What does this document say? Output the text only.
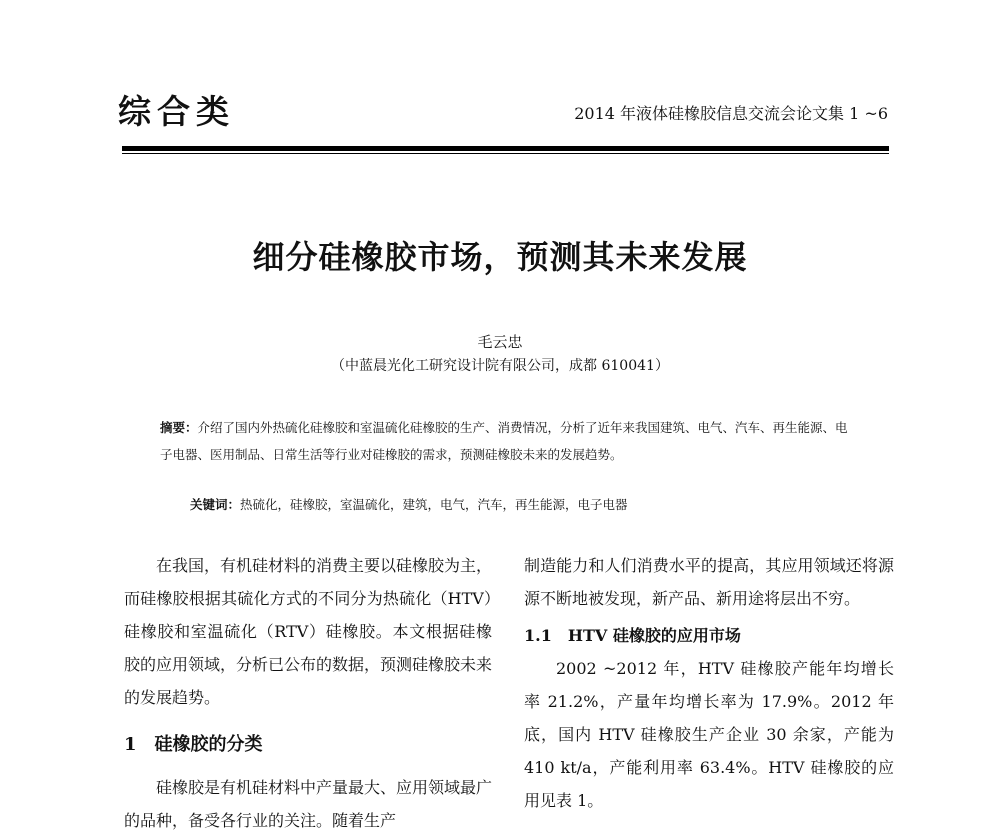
综合类	2014 年液体硅橡胶信息交流会论文集 1 ~6
细分硅橡胶市场，预测其未来发展
毛云忠
（中蓝晨光化工研究设计院有限公司，成都 610041）
摘要：介绍了国内外热硫化硅橡胶和室温硫化硅橡胶的生产、消费情况，分析了近年来我国建筑、电气、汽车、再生能源、电子电器、医用制品、日常生活等行业对硅橡胶的需求，预测硅橡胶未来的发展趋势。
关键词：热硫化，硅橡胶，室温硫化，建筑，电气，汽车，再生能源，电子电器

在我国，有机硅材料的消费主要以硅橡胶为主，而硅橡胶根据其硫化方式的不同分为热硫化（HTV）硅橡胶和室温硫化（RTV）硅橡胶。本文根据硅橡胶的应用领域，分析已公布的数据，预测硅橡胶未来的发展趋势。

1　硅橡胶的分类

硅橡胶是有机硅材料中产量最大、应用领域最广的品种，备受各行业的关注。随着生产

制造能力和人们消费水平的提高，其应用领域还将源源不断地被发现，新产品、新用途将层出不穷。

1.1　HTV 硅橡胶的应用市场

2002 ~2012 年，HTV 硅橡胶产能年均增长率 21.2%，产量年均增长率为 17.9%。2012 年底，国内 HTV 硅橡胶生产企业 30 余家，产能为 410 kt/a，产能利用率 63.4%。HTV 硅橡胶的应用见表 1。
